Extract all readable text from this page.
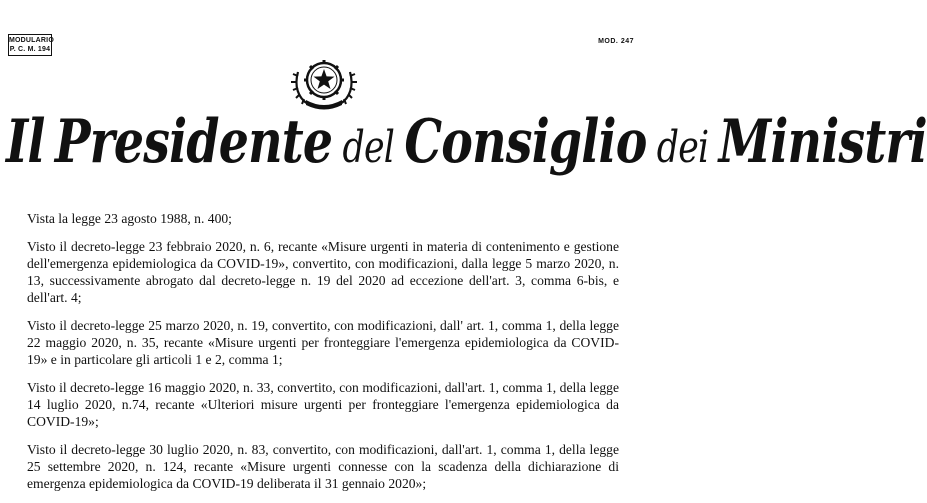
MODULARIO
P. C. M. 194
MOD. 247
Il Presidente del Consiglio dei Ministri

Vista la legge 23 agosto 1988, n. 400;

Visto il decreto-legge 23 febbraio 2020, n. 6, recante «Misure urgenti in materia di contenimento e gestione dell'emergenza epidemiologica da COVID-19», convertito, con modificazioni, dalla legge 5 marzo 2020, n. 13, successivamente abrogato dal decreto-legge n. 19 del 2020 ad eccezione dell'art. 3, comma 6-bis, e dell'art. 4;

Visto il decreto-legge 25 marzo 2020, n. 19, convertito, con modificazioni, dall' art. 1, comma 1, della legge 22 maggio 2020, n. 35, recante «Misure urgenti per fronteggiare l'emergenza epidemiologica da COVID-19» e in particolare gli articoli 1 e 2, comma 1;

Visto il decreto-legge 16 maggio 2020, n. 33, convertito, con modificazioni, dall'art. 1, comma 1, della legge 14 luglio 2020, n.74, recante «Ulteriori misure urgenti per fronteggiare l'emergenza epidemiologica da COVID-19»;

Visto il decreto-legge 30 luglio 2020, n. 83, convertito, con modificazioni, dall'art. 1, comma 1, della legge 25 settembre 2020, n. 124, recante «Misure urgenti connesse con la scadenza della dichiarazione di emergenza epidemiologica da COVID-19 deliberata il 31 gennaio 2020»;
